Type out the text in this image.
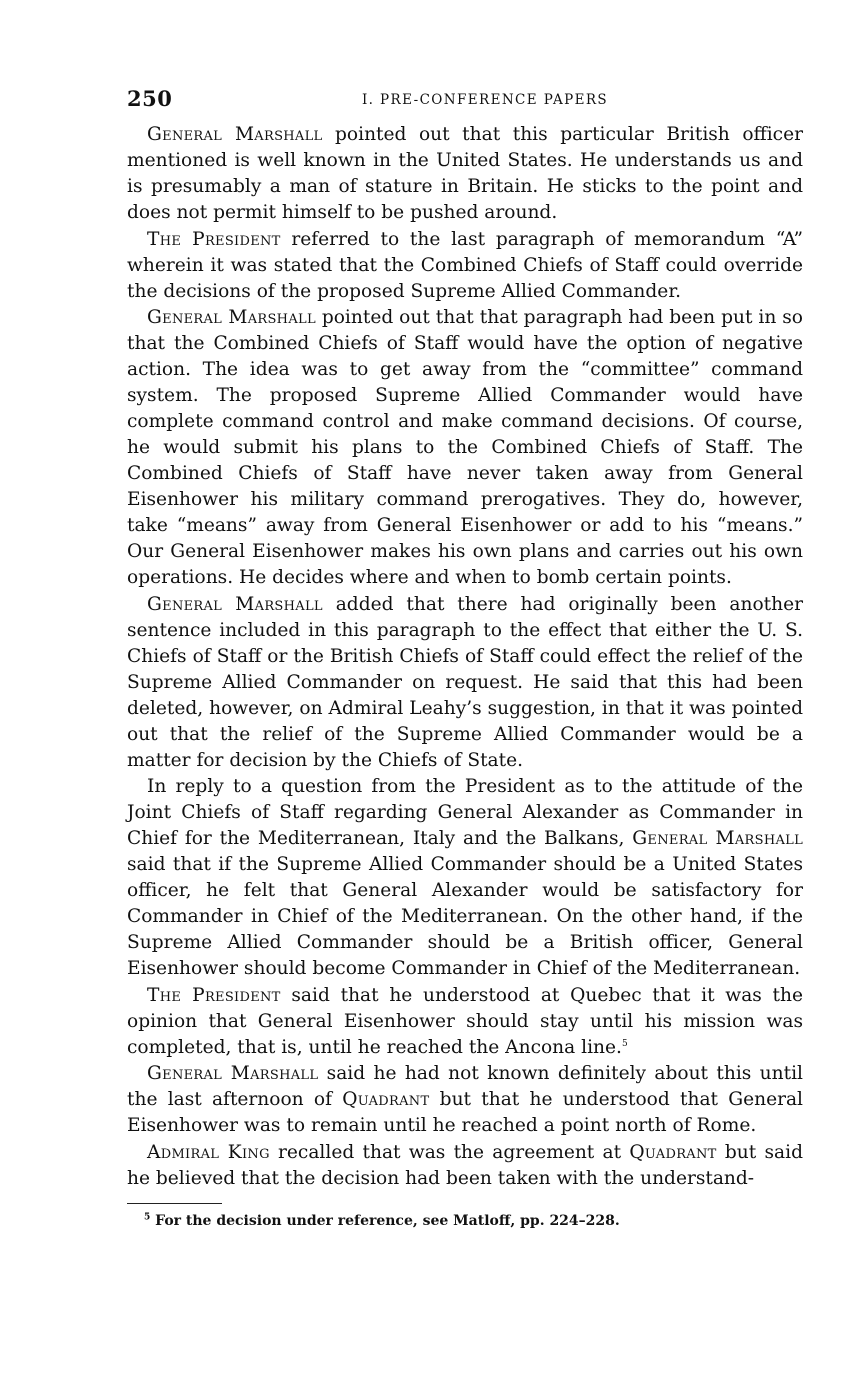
250	I. PRE-CONFERENCE PAPERS

General Marshall pointed out that this particular British officer mentioned is well known in the United States. He understands us and is presumably a man of stature in Britain. He sticks to the point and does not permit himself to be pushed around.

The President referred to the last paragraph of memorandum “A” wherein it was stated that the Combined Chiefs of Staff could override the decisions of the proposed Supreme Allied Commander.

General Marshall pointed out that that paragraph had been put in so that the Combined Chiefs of Staff would have the option of negative action. The idea was to get away from the “committee” command system. The proposed Supreme Allied Commander would have complete command control and make command decisions. Of course, he would submit his plans to the Combined Chiefs of Staff. The Combined Chiefs of Staff have never taken away from General Eisenhower his military command prerogatives. They do, however, take “means” away from General Eisenhower or add to his “means.” Our General Eisenhower makes his own plans and carries out his own operations. He decides where and when to bomb certain points.

General Marshall added that there had originally been another sentence included in this paragraph to the effect that either the U. S. Chiefs of Staff or the British Chiefs of Staff could effect the relief of the Supreme Allied Commander on request. He said that this had been deleted, however, on Admiral Leahy’s suggestion, in that it was pointed out that the relief of the Supreme Allied Commander would be a matter for decision by the Chiefs of State.

In reply to a question from the President as to the attitude of the Joint Chiefs of Staff regarding General Alexander as Commander in Chief for the Mediterranean, Italy and the Balkans, General Marshall said that if the Supreme Allied Commander should be a United States officer, he felt that General Alexander would be satisfactory for Commander in Chief of the Mediterranean. On the other hand, if the Supreme Allied Commander should be a British officer, General Eisenhower should become Commander in Chief of the Mediterranean.

The President said that he understood at Quebec that it was the opinion that General Eisenhower should stay until his mission was completed, that is, until he reached the Ancona line.$^5$

General Marshall said he had not known definitely about this until the last afternoon of Quadrant but that he understood that General Eisenhower was to remain until he reached a point north of Rome.

Admiral King recalled that was the agreement at Quadrant but said he believed that the decision had been taken with the understand-

$^5$ For the decision under reference, see Matloff, pp. 224–228.
